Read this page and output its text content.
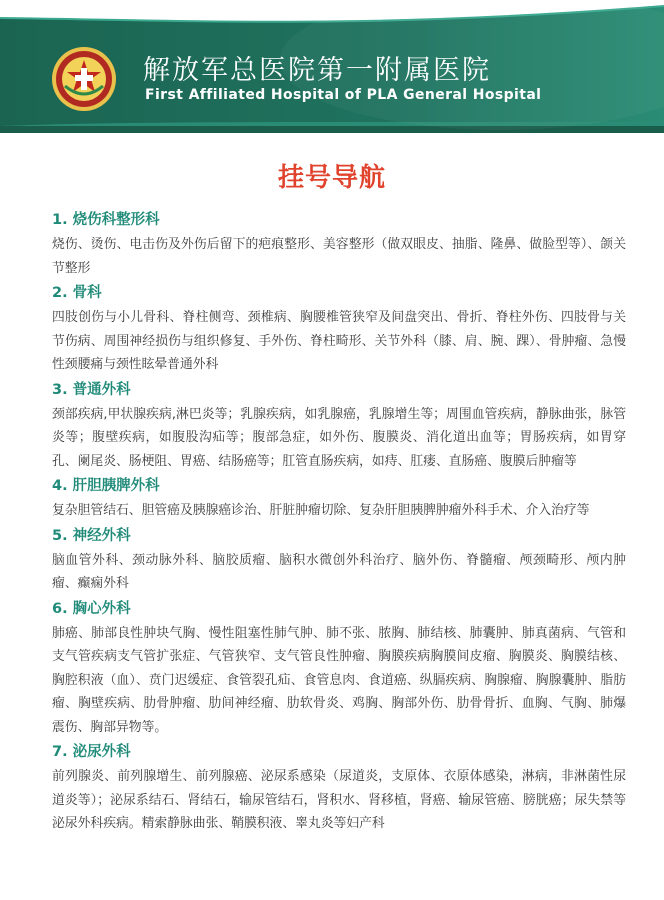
解放军总医院第一附属医院
First Affiliated Hospital of PLA General Hospital
挂号导航
1. 烧伤科整形科
烧伤、烫伤、电击伤及外伤后留下的疤痕整形、美容整形（做双眼皮、抽脂、隆鼻、做脸型等）、颌关节整形
2. 骨科
四肢创伤与小儿骨科、脊柱侧弯、颈椎病、胸腰椎管狭窄及间盘突出、骨折、脊柱外伤、四肢骨与关节伤病、周围神经损伤与组织修复、手外伤、脊柱畸形、关节外科（膝、肩、腕、踝）、骨肿瘤、急慢性颈腰痛与颈性眩晕普通外科
3. 普通外科
颈部疾病,甲状腺疾病,淋巴炎等；乳腺疾病，如乳腺癌，乳腺增生等；周围血管疾病，静脉曲张，脉管炎等；腹壁疾病，如腹股沟疝等；腹部急症，如外伤、腹膜炎、消化道出血等；胃肠疾病，如胃穿孔、阑尾炎、肠梗阻、胃癌、结肠癌等；肛管直肠疾病，如痔、肛瘘、直肠癌、腹膜后肿瘤等
4. 肝胆胰脾外科
复杂胆管结石、胆管癌及胰腺癌诊治、肝脏肿瘤切除、复杂肝胆胰脾肿瘤外科手术、介入治疗等
5. 神经外科
脑血管外科、颈动脉外科、脑胶质瘤、脑积水微创外科治疗、脑外伤、脊髓瘤、颅颈畸形、颅内肿瘤、癫痫外科
6. 胸心外科
肺癌、肺部良性肿块气胸、慢性阻塞性肺气肿、肺不张、脓胸、肺结核、肺囊肿、肺真菌病、气管和支气管疾病支气管扩张症、气管狭窄、支气管良性肿瘤、胸膜疾病胸膜间皮瘤、胸膜炎、胸膜结核、胸腔积液（血）、贲门迟缓症、食管裂孔疝、食管息肉、食道癌、纵膈疾病、胸腺瘤、胸腺囊肿、脂肪瘤、胸壁疾病、肋骨肿瘤、肋间神经瘤、肋软骨炎、鸡胸、胸部外伤、肋骨骨折、血胸、气胸、肺爆震伤、胸部异物等。
7. 泌尿外科
前列腺炎、前列腺增生、前列腺癌、泌尿系感染（尿道炎，支原体、衣原体感染，淋病，非淋菌性尿道炎等）；泌尿系结石、肾结石，输尿管结石，肾积水、肾移植，肾癌、输尿管癌、膀胱癌；尿失禁等泌尿外科疾病。精索静脉曲张、鞘膜积液、睾丸炎等妇产科
